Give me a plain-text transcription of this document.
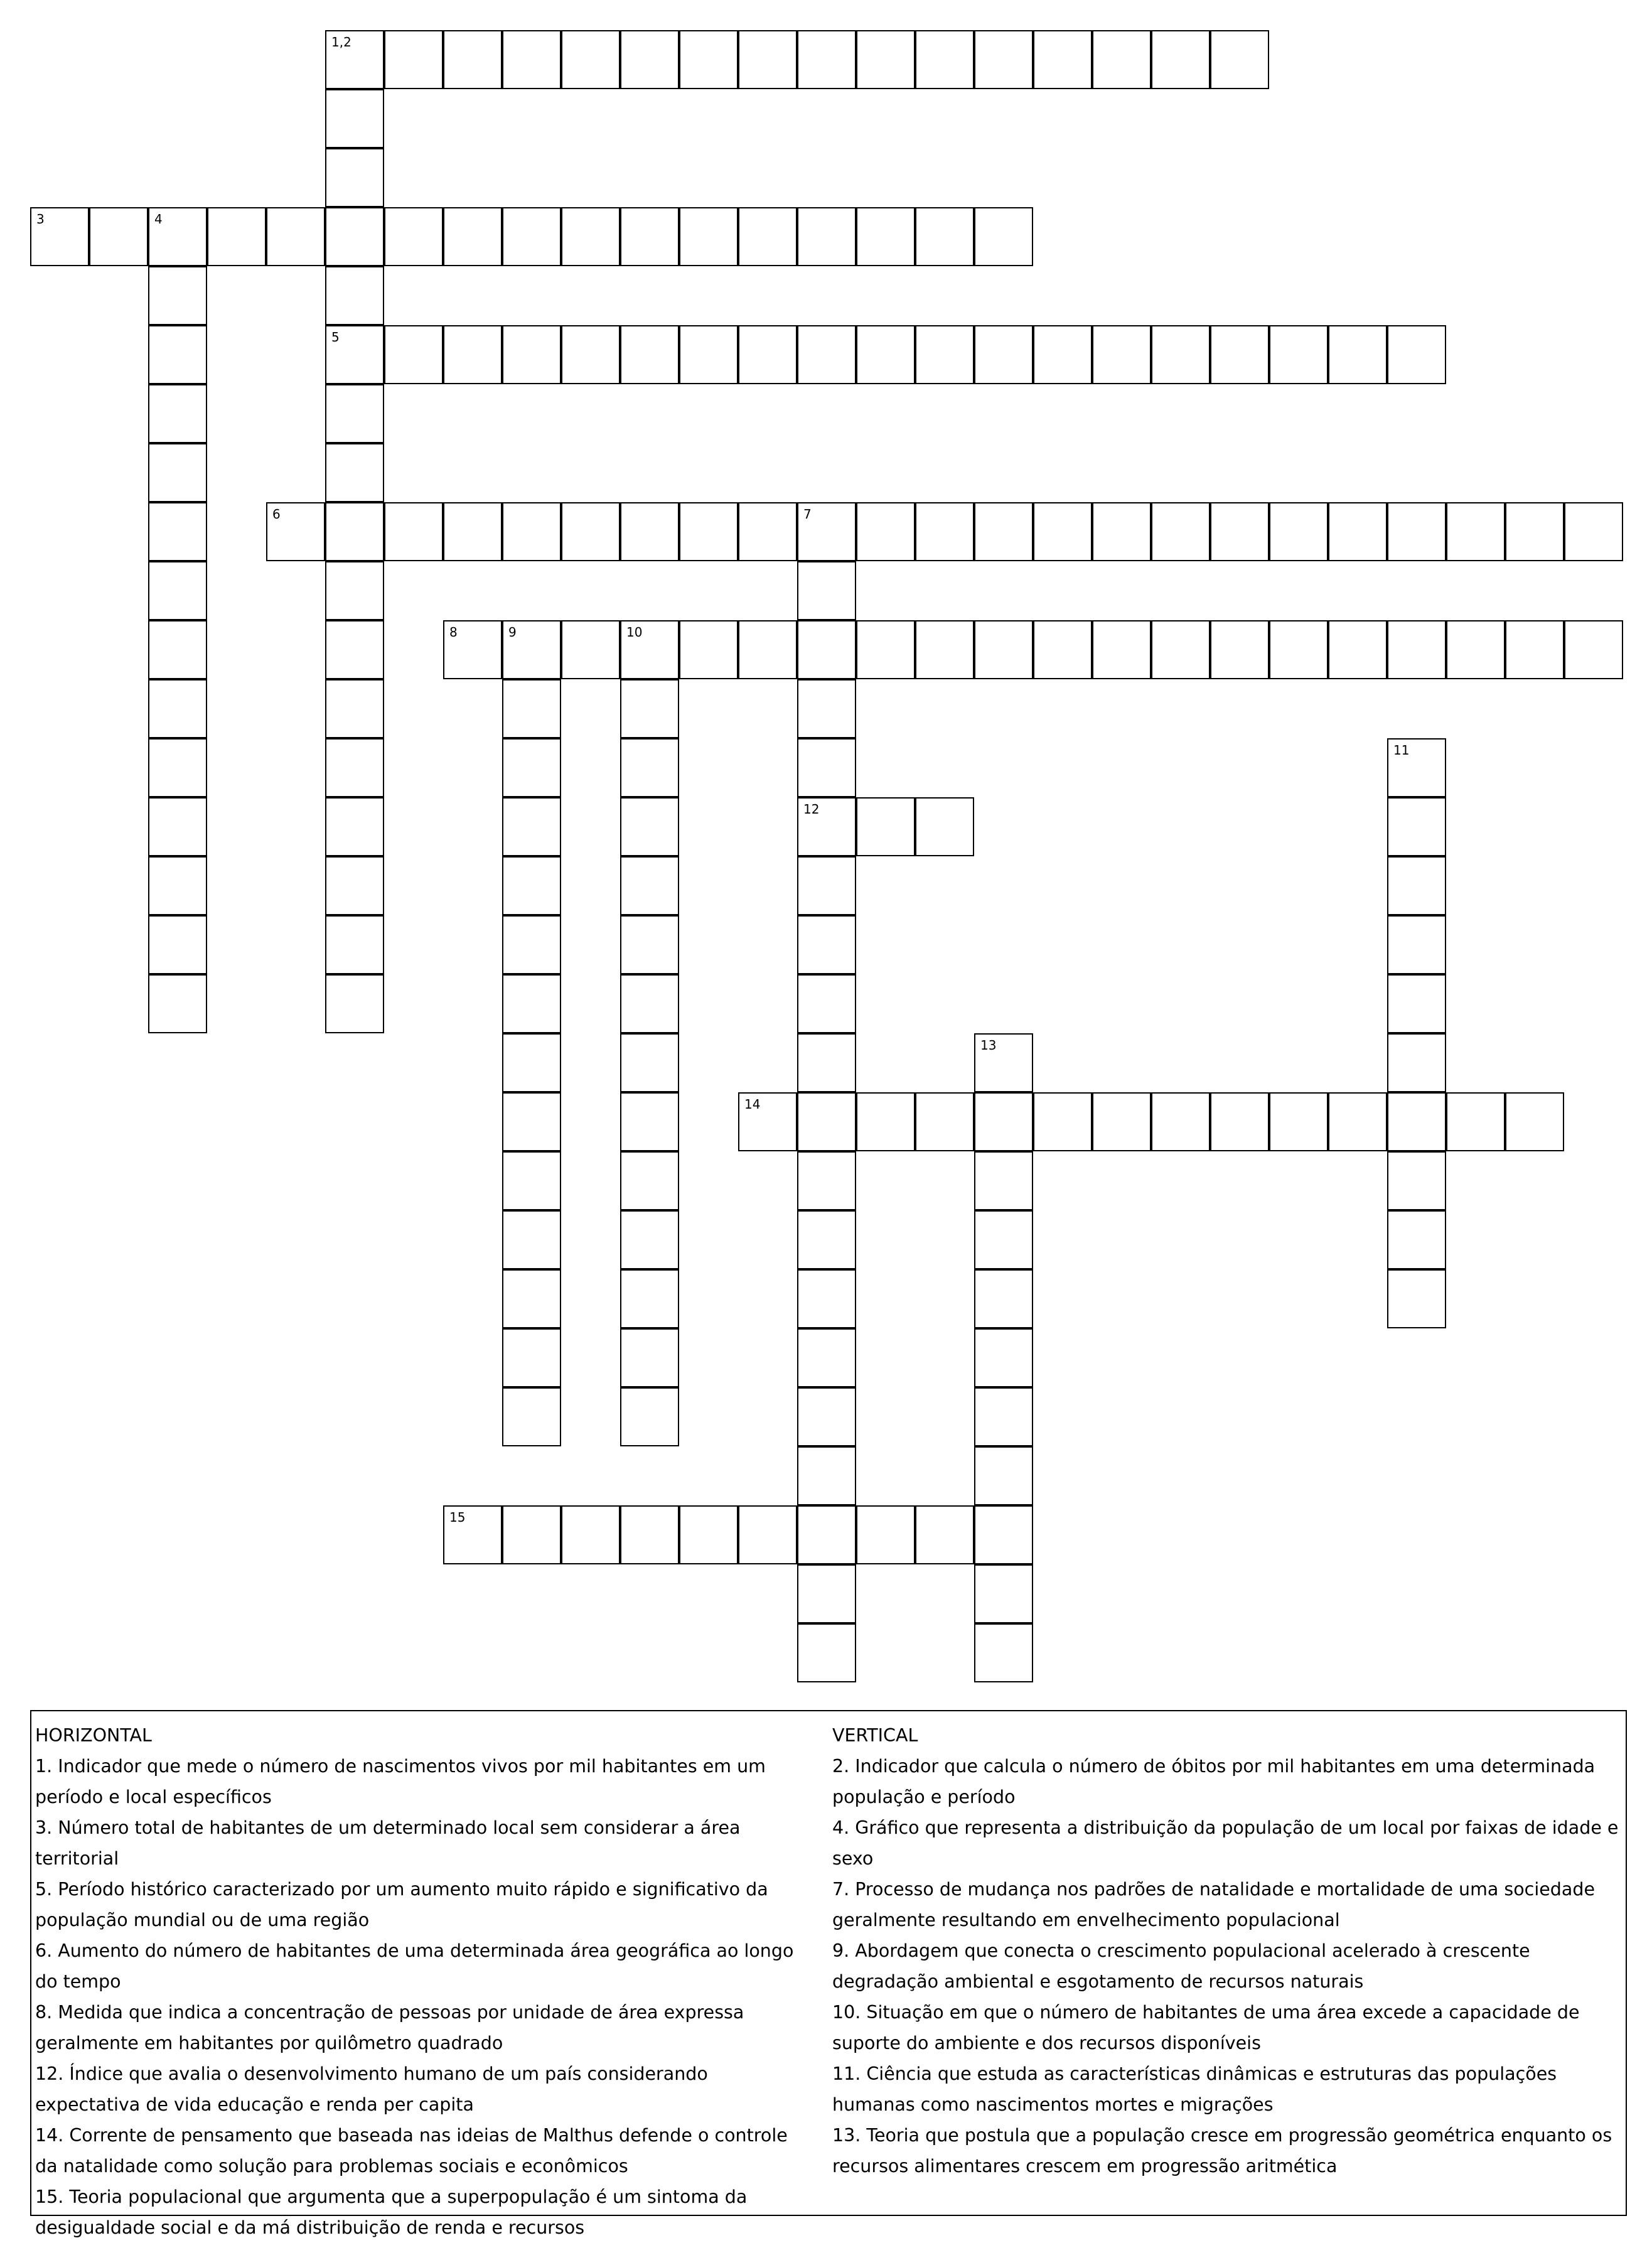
1,2
5
3	4
6	7
12
8	9	10
11
13
14
15
HORIZONTAL
1. Indicador que mede o número de nascimentos vivos por mil habitantes em um período e local específicos
3. Número total de habitantes de um determinado local sem considerar a área territorial
5. Período histórico caracterizado por um aumento muito rápido e significativo da população mundial ou de uma região
6. Aumento do número de habitantes de uma determinada área geográfica ao longo do tempo
8. Medida que indica a concentração de pessoas por unidade de área expressa geralmente em habitantes por quilômetro quadrado
12. Índice que avalia o desenvolvimento humano de um país considerando expectativa de vida educação e renda per capita
14. Corrente de pensamento que baseada nas ideias de Malthus defende o controle da natalidade como solução para problemas sociais e econômicos
15. Teoria populacional que argumenta que a superpopulação é um sintoma da desigualdade social e da má distribuição de renda e recursos
VERTICAL
2. Indicador que calcula o número de óbitos por mil habitantes em uma determinada população e período
4. Gráfico que representa a distribuição da população de um local por faixas de idade e sexo
7. Processo de mudança nos padrões de natalidade e mortalidade de uma sociedade geralmente resultando em envelhecimento populacional
9. Abordagem que conecta o crescimento populacional acelerado à crescente degradação ambiental e esgotamento de recursos naturais
10. Situação em que o número de habitantes de uma área excede a capacidade de suporte do ambiente e dos recursos disponíveis
11. Ciência que estuda as características dinâmicas e estruturas das populações humanas como nascimentos mortes e migrações
13. Teoria que postula que a população cresce em progressão geométrica enquanto os recursos alimentares crescem em progressão aritmética
